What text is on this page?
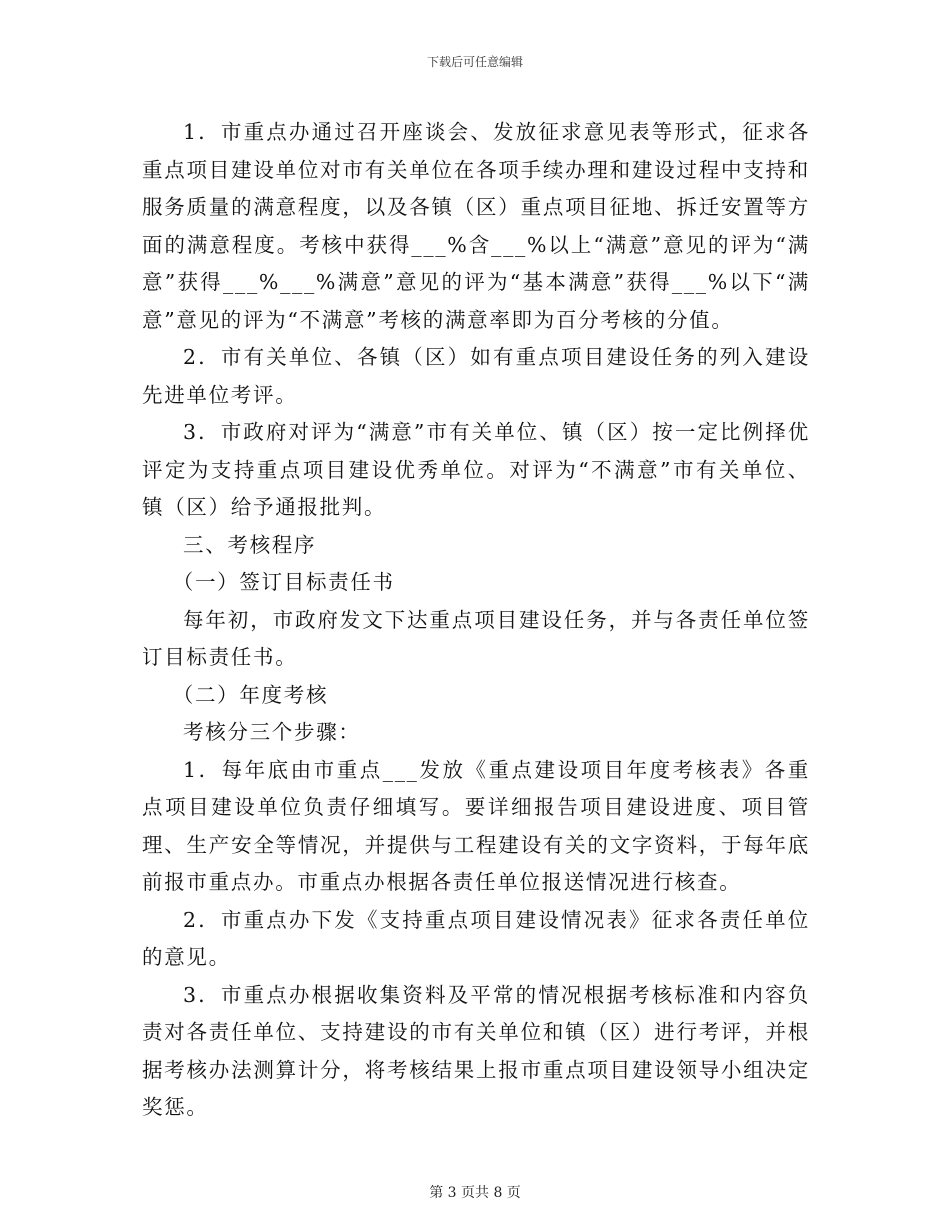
下载后可任意编辑

1．市重点办通过召开座谈会、发放征求意见表等形式，征求各重点项目建设单位对市有关单位在各项手续办理和建设过程中支持和服务质量的满意程度，以及各镇（区）重点项目征地、拆迁安置等方面的满意程度。考核中获得___%含___%以上“满意”意见的评为“满意”获得___%___%满意”意见的评为“基本满意”获得___%以下“满意”意见的评为“不满意”考核的满意率即为百分考核的分值。

2．市有关单位、各镇（区）如有重点项目建设任务的列入建设先进单位考评。

3．市政府对评为“满意”市有关单位、镇（区）按一定比例择优评定为支持重点项目建设优秀单位。对评为“不满意”市有关单位、镇（区）给予通报批判。

三、考核程序

（一）签订目标责任书

每年初，市政府发文下达重点项目建设任务，并与各责任单位签订目标责任书。

（二）年度考核

考核分三个步骤：

1．每年底由市重点___发放《重点建设项目年度考核表》各重点项目建设单位负责仔细填写。要详细报告项目建设进度、项目管理、生产安全等情况，并提供与工程建设有关的文字资料，于每年底前报市重点办。市重点办根据各责任单位报送情况进行核查。

2．市重点办下发《支持重点项目建设情况表》征求各责任单位的意见。

3．市重点办根据收集资料及平常的情况根据考核标准和内容负责对各责任单位、支持建设的市有关单位和镇（区）进行考评，并根据考核办法测算计分，将考核结果上报市重点项目建设领导小组决定奖惩。

第 3 页共 8 页
